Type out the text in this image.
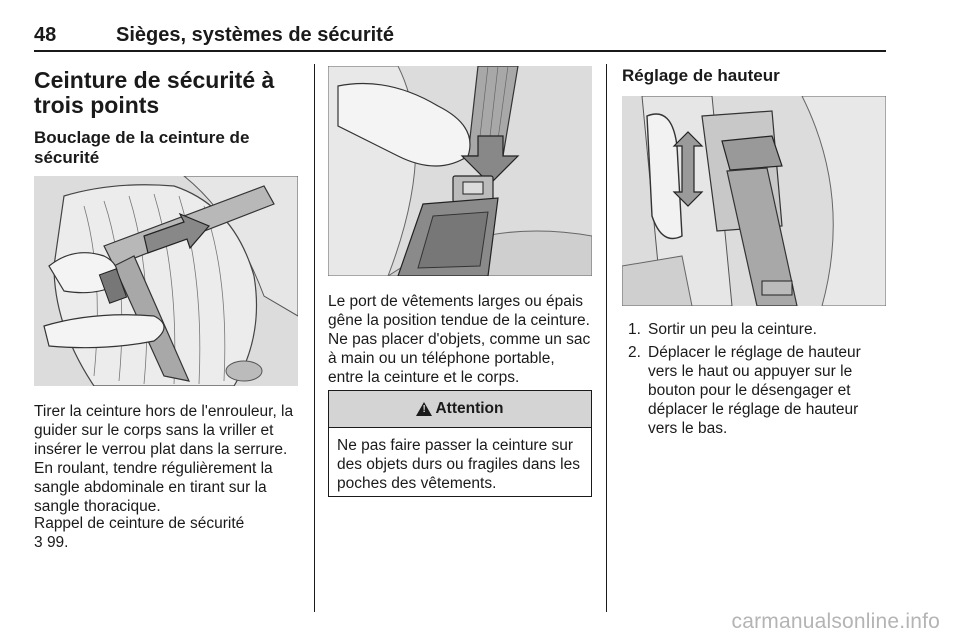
48	Sièges, systèmes de sécurité
Ceinture de sécurité à trois points
Bouclage de la ceinture de sécurité
Tirer la ceinture hors de l'enrouleur, la guider sur le corps sans la vriller et insérer le verrou plat dans la serrure. En roulant, tendre régulièrement la sangle abdominale en tirant sur la sangle thoracique.
Rappel de ceinture de sécurité
3 99.
Le port de vêtements larges ou épais gêne la position tendue de la ceinture. Ne pas placer d'objets, comme un sac à main ou un téléphone portable, entre la ceinture et le corps.
!
Attention
Ne pas faire passer la ceinture sur des objets durs ou fragiles dans les poches des vêtements.
Réglage de hauteur
1. Sortir un peu la ceinture.
2. Déplacer le réglage de hauteur vers le haut ou appuyer sur le bouton pour le désengager et déplacer le réglage de hauteur vers le bas.
carmanualsonline.info
